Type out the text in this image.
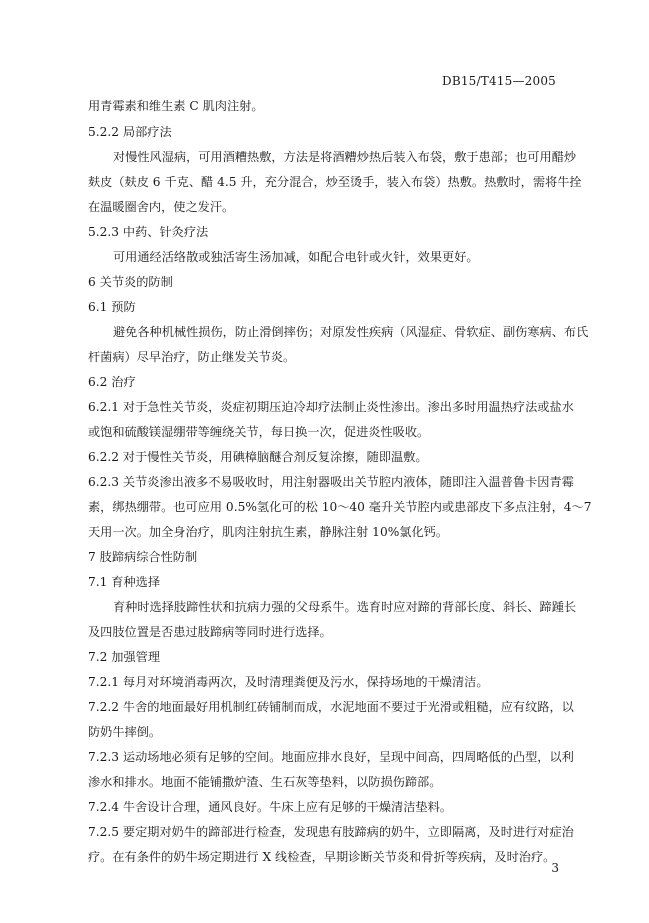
DB15/T415—2005
用青霉素和维生素 C 肌肉注射。
5.2.2 局部疗法
对慢性风湿病，可用酒糟热敷，方法是将酒糟炒热后装入布袋，敷于患部；也可用醋炒
麸皮（麸皮 6 千克、醋 4.5 升，充分混合，炒至烫手，装入布袋）热敷。热敷时，需将牛拴
在温暖圈舍内，使之发汗。
5.2.3 中药、针灸疗法
可用通经活络散或独活寄生汤加减，如配合电针或火针，效果更好。
6 关节炎的防制
6.1 预防
避免各种机械性损伤，防止滑倒摔伤；对原发性疾病（风湿症、骨软症、副伤寒病、布氏
杆菌病）尽早治疗，防止继发关节炎。
6.2 治疗
6.2.1 对于急性关节炎，炎症初期压迫冷却疗法制止炎性渗出。渗出多时用温热疗法或盐水
或饱和硫酸镁湿绷带等缠绕关节，每日换一次，促进炎性吸收。
6.2.2 对于慢性关节炎，用碘樟脑醚合剂反复涂擦，随即温敷。
6.2.3 关节炎渗出液多不易吸收时，用注射器吸出关节腔内液体，随即注入温普鲁卡因青霉
素，绑热绷带。也可应用 0.5%氢化可的松 10～40 毫升关节腔内或患部皮下多点注射，4～7
天用一次。加全身治疗，肌肉注射抗生素，静脉注射 10%氯化钙。
7 肢蹄病综合性防制
7.1 育种选择
育种时选择肢蹄性状和抗病力强的父母系牛。选育时应对蹄的背部长度、斜长、蹄踵长
及四肢位置是否患过肢蹄病等同时进行选择。
7.2 加强管理
7.2.1 每月对环境消毒两次，及时清理粪便及污水，保持场地的干燥清洁。
7.2.2 牛舍的地面最好用机制红砖铺制而成，水泥地面不要过于光滑或粗糙，应有纹路，以
防奶牛摔倒。
7.2.3 运动场地必须有足够的空间。地面应排水良好，呈现中间高，四周略低的凸型，以利
渗水和排水。地面不能铺撒炉渣、生石灰等垫料，以防损伤蹄部。
7.2.4 牛舍设计合理，通风良好。牛床上应有足够的干燥清洁垫料。
7.2.5 要定期对奶牛的蹄部进行检查，发现患有肢蹄病的奶牛，立即隔离，及时进行对症治
疗。在有条件的奶牛场定期进行 X 线检查，早期诊断关节炎和骨折等疾病，及时治疗。
3
